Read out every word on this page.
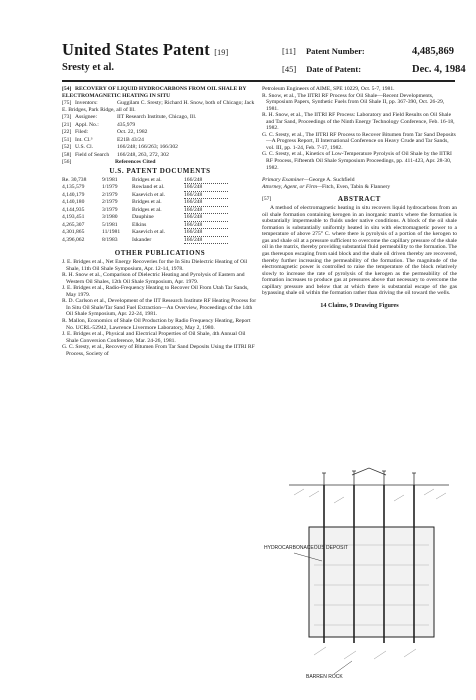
United States Patent [19]
Sresty et al.
[11] Patent Number:	4,485,869
[45] Date of Patent:	Dec. 4, 1984

[54] RECOVERY OF LIQUID HYDROCARBONS FROM OIL SHALE BY ELECTROMAGNETIC HEATING IN SITU

[75] Inventors:	Guggilam C. Sresty; Richard H. Snow, both of Chicago; Jack E. Bridges, Park Ridge, all of Ill.

[73] Assignee:	IIT Research Institute, Chicago, Ill.

[21] Appl. No.:	435,979

[22] Filed:	Oct. 22, 1982

[51] Int. Cl.³	E21B 43/24

[52] U.S. Cl.	166/248; 166/263; 166/302

[58] Field of Search 166/248, 263, 272, 302

[56]	References Cited

U.S. PATENT DOCUMENTS
Re. 30,738	9/1981	Bridges et al.	166/248
4,135,579	1/1979	Rowland et al.	166/248
4,140,179	2/1979	Kasevich et al.	166/248
4,140,180	2/1979	Bridges et al.	166/248
4,144,935	3/1979	Bridges et al.	166/248
4,193,451	3/1980	Dauphine	166/248
4,265,307	5/1981	Elkins	166/248
4,301,865	11/1981 Kasevich et al.	166/248
4,396,062	8/1983	Iskander	166/248
OTHER PUBLICATIONS

J. E. Bridges et al., Net Energy Recoveries for the In Situ Dielectric Heating of Oil Shale, 11th Oil Shale Symposium, Apr. 12-14, 1978.

R. H. Snow et al., Comparison of Dielectric Heating and Pyrolysis of Eastern and Western Oil Shales, 12th Oil Shale Symposium, Apr. 1979.

J. E. Bridges et al., Radio-Frequency Heating to Recover Oil From Utah Tar Sands, May 1979.

R. D. Carlson et al., Development of the IIT Research Institute RF Heating Process for In Situ Oil Shale/Tar Sand Fuel Extraction—An Overview, Proceedings of the 14th Oil Shale Symposium, Apr. 22-24, 1981.

R. Mallon, Economics of Shale Oil Production by Radio Frequency Heating, Report No. UCRL-52942, Lawrence Livermore Laboratory, May 2, 1980.

J. E. Bridges et al., Physical and Electrical Properties of Oil Shale, 4th Annual Oil Shale Conversion Conference, Mar. 24-26, 1981.

G. C. Sresty, et al., Recovery of Bitumen From Tar Sand Deposits Using the IITRI RF Process, Society of

Petroleum Engineers of AIME, SPE 10229, Oct. 5-7, 1981.

R. Snow, et al., The IITRI RF Process for Oil Shale—Recent Developments, Symposium Papers, Synthetic Fuels from Oil Shale II, pp. 367-390, Oct. 26-29, 1981.

R. H. Snow, et al., The IITRI RF Process: Laboratory and Field Results on Oil Shale and Tar Sand, Proceedings of the Ninth Energy Technology Conference, Feb. 16-18, 1982.

G. C. Sresty, et al., The IITRI RF Process to Recover Bitumen from Tar Sand Deposits—A Progress Report, II International Conference on Heavy Crude and Tar Sands, vol. III, pp. 1-24, Feb. 7-17, 1982.

G. C. Sresty, et al., Kinetics of Low-Temperature Pyrolysis of Oil Shale by the IITRI RF Process, Fifteenth Oil Shale Symposium Proceedings, pp. 411-423, Apr. 28-30, 1982.

Primary Examiner—George A. Suchfield

Attorney, Agent, or Firm—Fitch, Even, Tabin & Flannery

[57]	ABSTRACT

A method of electromagnetic heating in situ recovers liquid hydrocarbons from an oil shale formation containing kerogen in an inorganic matrix where the formation is substantially impermeable to fluids under native conditions. A block of the oil shale formation is substantially uniformly heated in situ with electromagnetic power to a temperature of above 275° C. where there is pyrolysis of a portion of the kerogen to gas and shale oil at a pressure sufficient to overcome the capillary pressure of the shale oil in the matrix, thereby providing substantial fluid permeability to the formation. The gas thereupon escaping from said block and the shale oil driven thereby are recovered, thereby further increasing the permeability of the formation. The magnitude of the electromagnetic power is controlled to raise the temperature of the block relatively slowly to increase the rate of pyrolysis of the kerogen as the permeability of the formation increases to produce gas at pressures above that necessary to overcome the capillary pressure and below that at which there is substantial escape of the gas bypassing shale oil within the formation rather than driving the oil toward the wells.

14 Claims, 9 Drawing Figures

HYDROCARBONACEOUS DEPOSIT
BARREN ROCK
